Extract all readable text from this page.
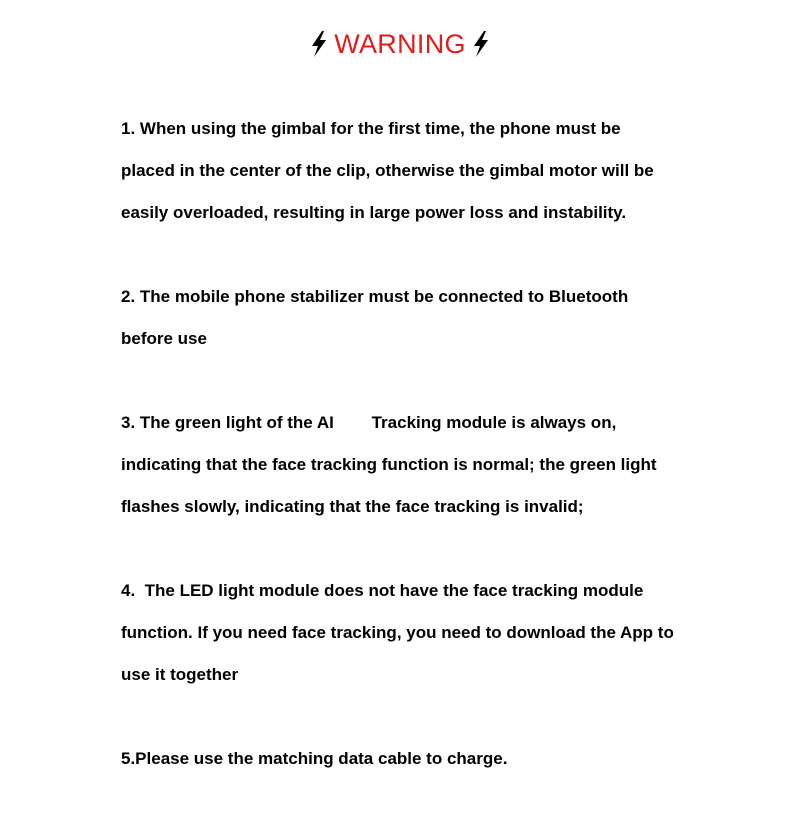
WARNING
1. When using the gimbal for the first time, the phone must be
placed in the center of the clip, otherwise the gimbal motor will be
easily overloaded, resulting in large power loss and instability.
2. The mobile phone stabilizer must be connected to Bluetooth
before use
3. The green light of the AI        Tracking module is always on,
indicating that the face tracking function is normal; the green light
flashes slowly, indicating that the face tracking is invalid;
4.  The LED light module does not have the face tracking module
function. If you need face tracking, you need to download the App to
use it together
5.Please use the matching data cable to charge.
